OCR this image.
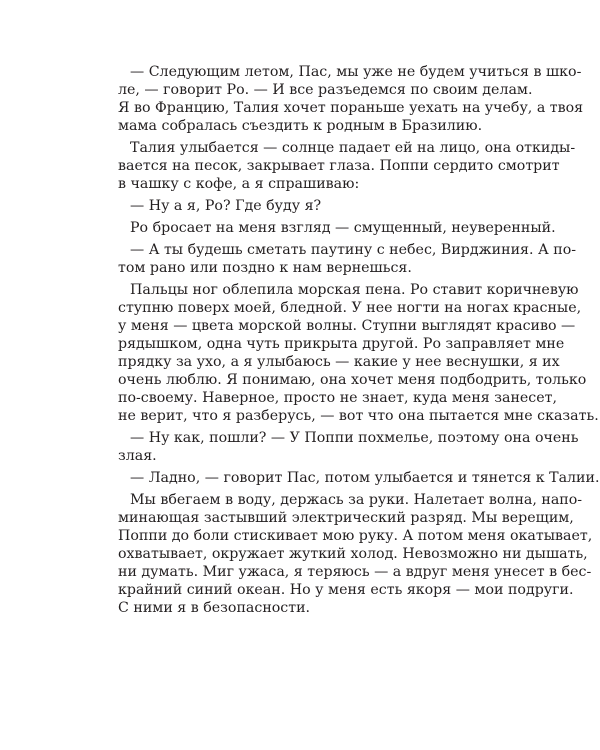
— Следующим летом, Пас, мы уже не будем учиться в шко-
ле, — говорит Ро. — И все разъедемся по своим делам.
Я во Францию, Талия хочет пораньше уехать на учебу, а твоя
мама собралась съездить к родным в Бразилию.
Талия улыбается — солнце падает ей на лицо, она откиды-
вается на песок, закрывает глаза. Поппи сердито смотрит
в чашку с кофе, а я спрашиваю:
— Ну а я, Ро? Где буду я?
Ро бросает на меня взгляд — смущенный, неуверенный.
— А ты будешь сметать паутину с небес, Вирджиния. А по-
том рано или поздно к нам вернешься.
Пальцы ног облепила морская пена. Ро ставит коричневую
ступню поверх моей, бледной. У нее ногти на ногах красные,
у меня — цвета морской волны. Ступни выглядят красиво —
рядышком, одна чуть прикрыта другой. Ро заправляет мне
прядку за ухо, а я улыбаюсь — какие у нее веснушки, я их
очень люблю. Я понимаю, она хочет меня подбодрить, только
по-своему. Наверное, просто не знает, куда меня занесет,
не верит, что я разберусь, — вот что она пытается мне сказать.
— Ну как, пошли? — У Поппи похмелье, поэтому она очень
злая.
— Ладно, — говорит Пас, потом улыбается и тянется к Талии.
Мы вбегаем в воду, держась за руки. Налетает волна, напо-
минающая застывший электрический разряд. Мы верещим,
Поппи до боли стискивает мою руку. А потом меня окатывает,
охватывает, окружает жуткий холод. Невозможно ни дышать,
ни думать. Миг ужаса, я теряюсь — а вдруг меня унесет в бес-
крайний синий океан. Но у меня есть якоря — мои подруги.
С ними я в безопасности.
